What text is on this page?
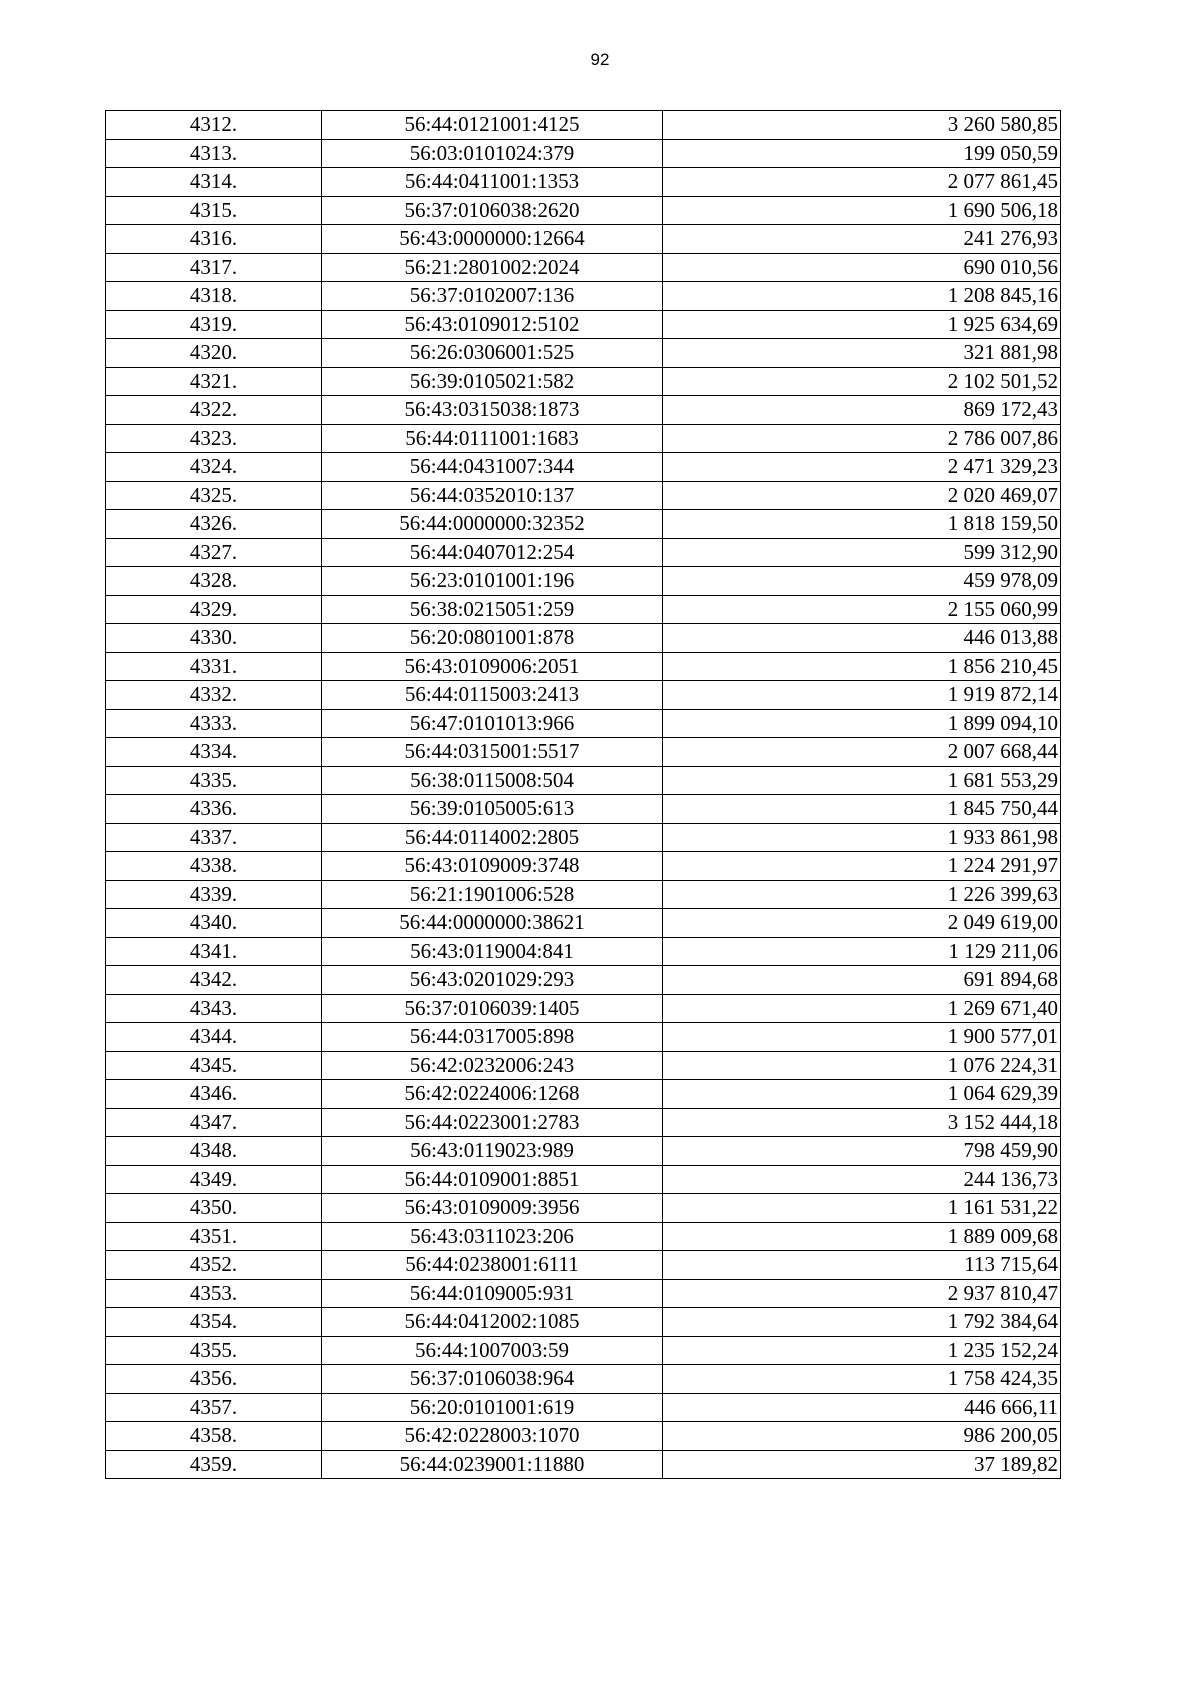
92
4312.	56:44:0121001:4125	3 260 580,85
4313.	56:03:0101024:379	199 050,59
4314.	56:44:0411001:1353	2 077 861,45
4315.	56:37:0106038:2620	1 690 506,18
4316.	56:43:0000000:12664	241 276,93
4317.	56:21:2801002:2024	690 010,56
4318.	56:37:0102007:136	1 208 845,16
4319.	56:43:0109012:5102	1 925 634,69
4320.	56:26:0306001:525	321 881,98
4321.	56:39:0105021:582	2 102 501,52
4322.	56:43:0315038:1873	869 172,43
4323.	56:44:0111001:1683	2 786 007,86
4324.	56:44:0431007:344	2 471 329,23
4325.	56:44:0352010:137	2 020 469,07
4326.	56:44:0000000:32352	1 818 159,50
4327.	56:44:0407012:254	599 312,90
4328.	56:23:0101001:196	459 978,09
4329.	56:38:0215051:259	2 155 060,99
4330.	56:20:0801001:878	446 013,88
4331.	56:43:0109006:2051	1 856 210,45
4332.	56:44:0115003:2413	1 919 872,14
4333.	56:47:0101013:966	1 899 094,10
4334.	56:44:0315001:5517	2 007 668,44
4335.	56:38:0115008:504	1 681 553,29
4336.	56:39:0105005:613	1 845 750,44
4337.	56:44:0114002:2805	1 933 861,98
4338.	56:43:0109009:3748	1 224 291,97
4339.	56:21:1901006:528	1 226 399,63
4340.	56:44:0000000:38621	2 049 619,00
4341.	56:43:0119004:841	1 129 211,06
4342.	56:43:0201029:293	691 894,68
4343.	56:37:0106039:1405	1 269 671,40
4344.	56:44:0317005:898	1 900 577,01
4345.	56:42:0232006:243	1 076 224,31
4346.	56:42:0224006:1268	1 064 629,39
4347.	56:44:0223001:2783	3 152 444,18
4348.	56:43:0119023:989	798 459,90
4349.	56:44:0109001:8851	244 136,73
4350.	56:43:0109009:3956	1 161 531,22
4351.	56:43:0311023:206	1 889 009,68
4352.	56:44:0238001:6111	113 715,64
4353.	56:44:0109005:931	2 937 810,47
4354.	56:44:0412002:1085	1 792 384,64
4355.	56:44:1007003:59	1 235 152,24
4356.	56:37:0106038:964	1 758 424,35
4357.	56:20:0101001:619	446 666,11
4358.	56:42:0228003:1070	986 200,05
4359.	56:44:0239001:11880	37 189,82
